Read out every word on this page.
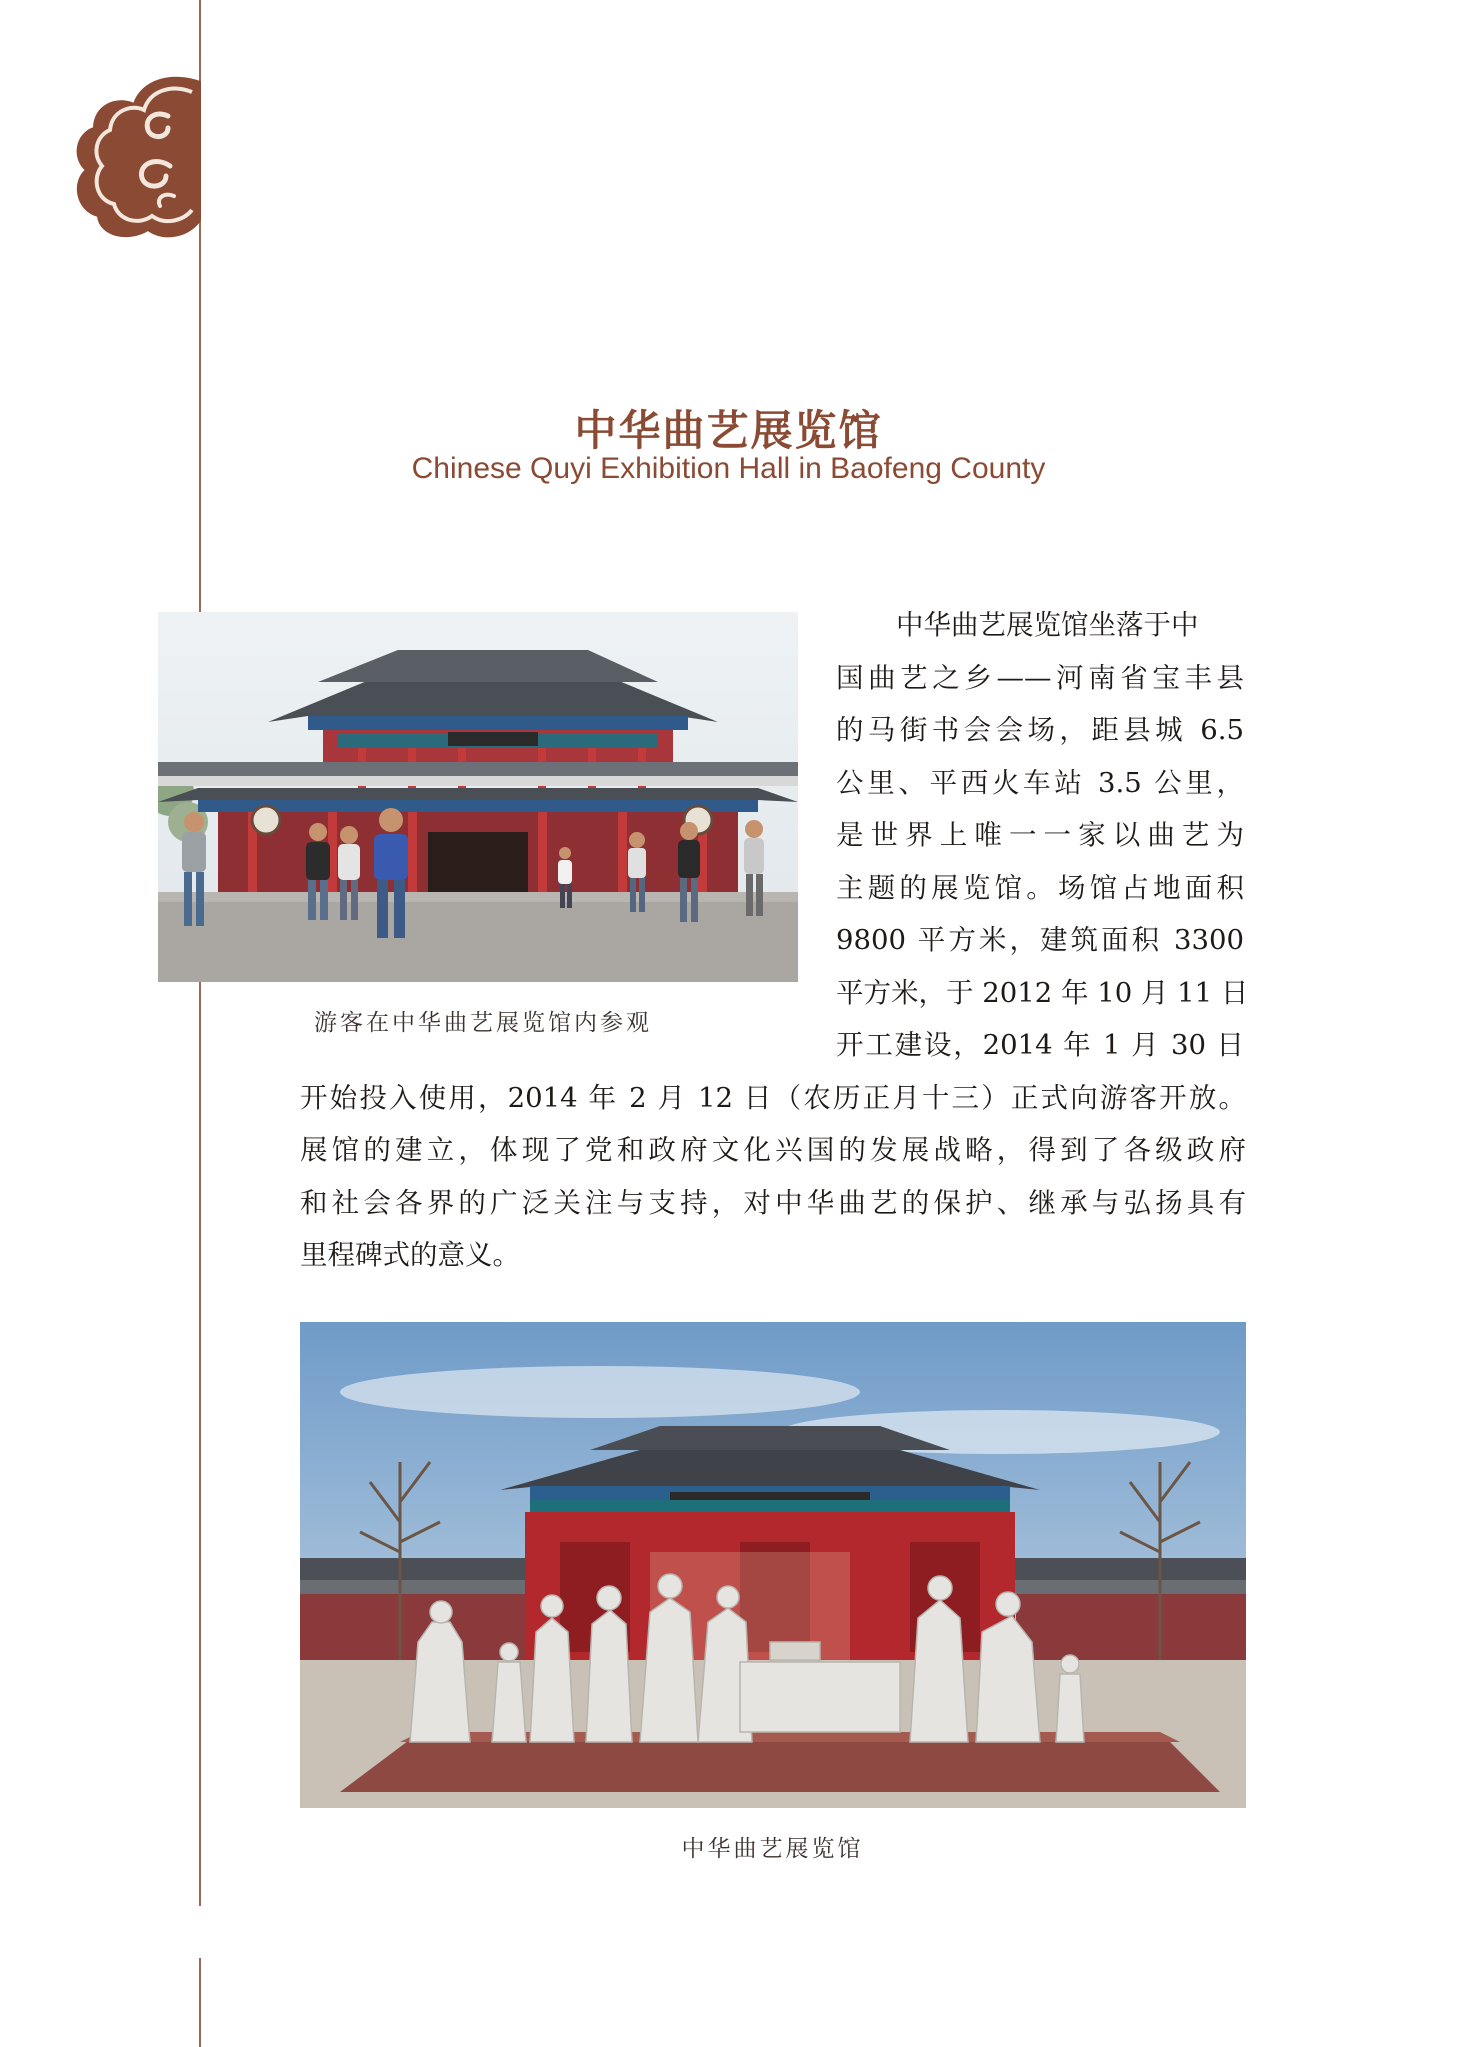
中华曲艺展览馆
Chinese Quyi Exhibition Hall in Baofeng County
游客在中华曲艺展览馆内参观
中华曲艺展览馆坐落于中
国曲艺之乡——河南省宝丰县
的马街书会会场，距县城 6.5
公里、平西火车站 3.5 公里，
是世界上唯一一家以曲艺为
主题的展览馆。场馆占地面积
9800 平方米，建筑面积 3300
平方米，于 2012 年 10 月 11 日
开工建设，2014 年 1 月 30 日
开始投入使用，2014 年 2 月 12 日（农历正月十三）正式向游客开放。
展馆的建立，体现了党和政府文化兴国的发展战略，得到了各级政府
和社会各界的广泛关注与支持，对中华曲艺的保护、继承与弘扬具有
里程碑式的意义。
中华曲艺展览馆
